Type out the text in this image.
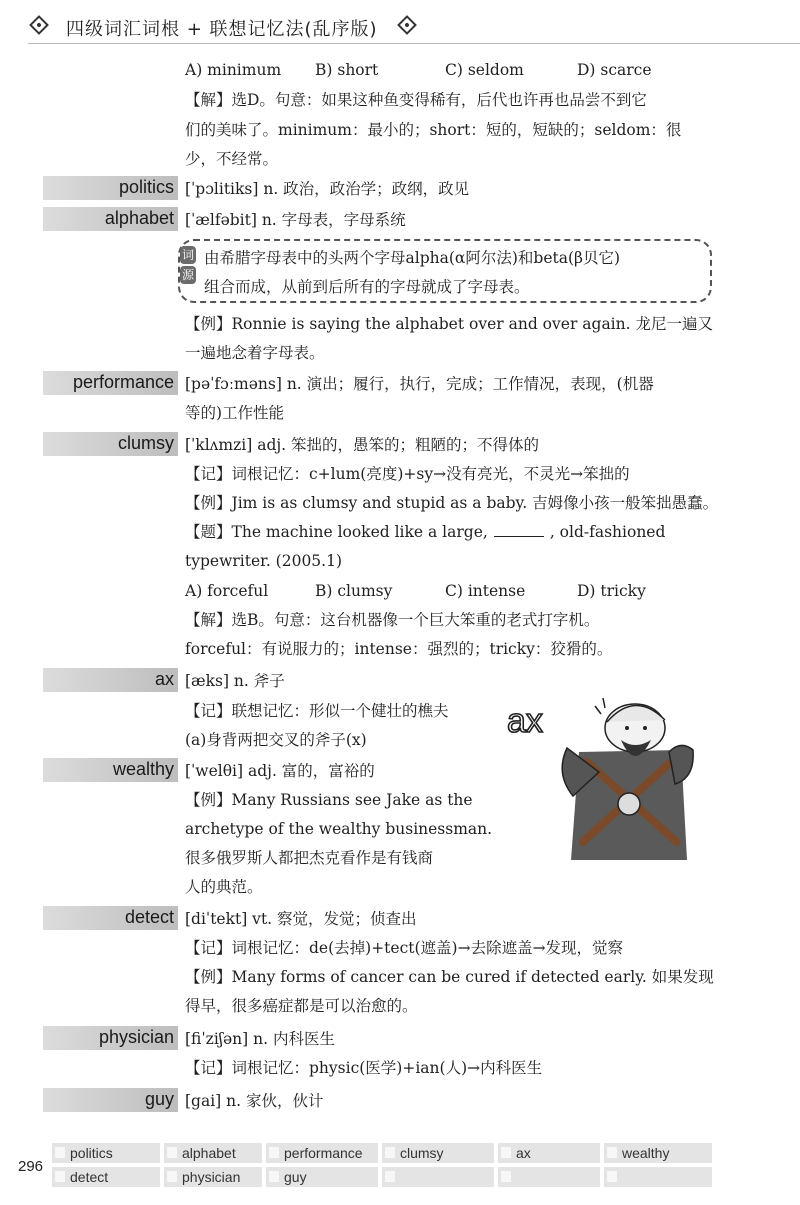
四级词汇词根 + 联想记忆法(乱序版)
A) minimum B) short	C) seldom	D) scarce
【解】选D。句意：如果这种鱼变得稀有，后代也许再也品尝不到它
们的美味了。minimum：最小的；short：短的，短缺的；seldom：很
少，不经常。
politics [ˈpɔlitiks] n. 政治，政治学；政纲，政见
alphabet [ˈælfəbit] n. 字母表，字母系统
词
源
由希腊字母表中的头两个字母alpha(α阿尔法)和beta(β贝它)
组合而成，从前到后所有的字母就成了字母表。
【例】Ronnie is saying the alphabet over and over again. 龙尼一遍又
一遍地念着字母表。
performance [pəˈfɔːməns] n. 演出；履行，执行，完成；工作情况，表现，(机器
等的)工作性能
clumsy [ˈklʌmzi] adj. 笨拙的，愚笨的；粗陋的；不得体的
【记】词根记忆：c+lum(亮度)+sy→没有亮光，不灵光→笨拙的
【例】Jim is as clumsy and stupid as a baby. 吉姆像小孩一般笨拙愚蠢。
【题】The machine looked like a large,	, old-fashioned
typewriter. (2005.1)
A) forceful	B) clumsy	C) intense	D) tricky
【解】选B。句意：这台机器像一个巨大笨重的老式打字机。
forceful：有说服力的；intense：强烈的；tricky：狡猾的。
ax [æks] n. 斧子
【记】联想记忆：形似一个健壮的樵夫
(a)身背两把交叉的斧子(x)
wealthy [ˈwelθi] adj. 富的，富裕的
【例】Many Russians see Jake as the
archetype of the wealthy businessman.
很多俄罗斯人都把杰克看作是有钱商
人的典范。
ax
detect [diˈtekt] vt. 察觉，发觉；侦查出
【记】词根记忆：de(去掉)+tect(遮盖)→去除遮盖→发现，觉察
【例】Many forms of cancer can be cured if detected early. 如果发现
得早，很多癌症都是可以治愈的。
physician [fiˈziʃən] n. 内科医生
【记】词根记忆：physic(医学)+ian(人)→内科医生
guy [gai] n. 家伙，伙计
296
politics	alphabet	performance	clumsy	ax	wealthy
detect	physician	guy
